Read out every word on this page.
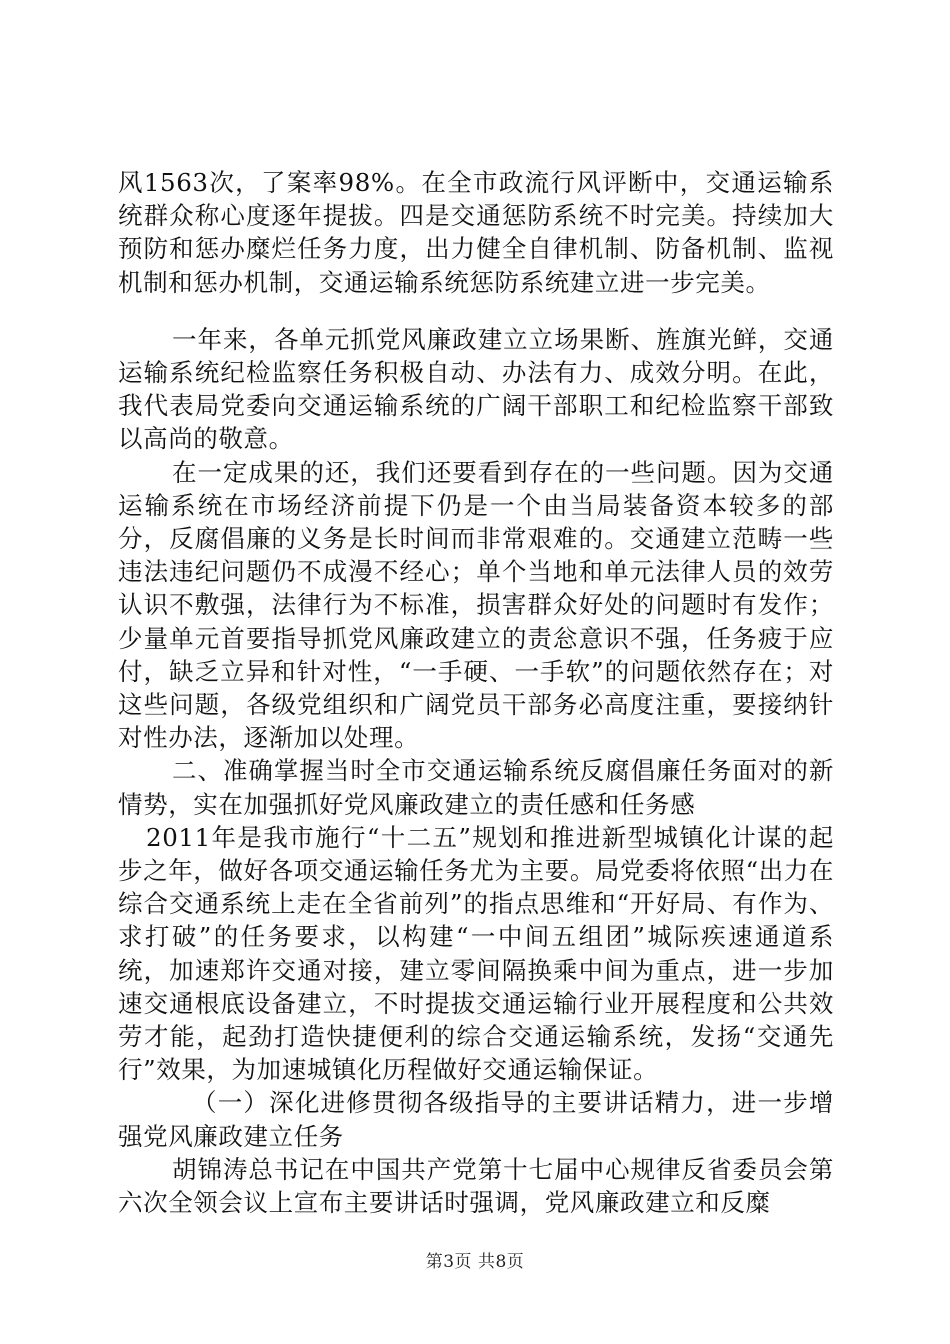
风1563次，了案率98%。在全市政流行风评断中，交通运输系统群众称心度逐年提拔。四是交通惩防系统不时完美。持续加大预防和惩办糜烂任务力度，出力健全自律机制、防备机制、监视机制和惩办机制，交通运输系统惩防系统建立进一步完美。

一年来，各单元抓党风廉政建立立场果断、旌旗光鲜，交通运输系统纪检监察任务积极自动、办法有力、成效分明。在此，我代表局党委向交通运输系统的广阔干部职工和纪检监察干部致以高尚的敬意。

在一定成果的还，我们还要看到存在的一些问题。因为交通运输系统在市场经济前提下仍是一个由当局装备资本较多的部分，反腐倡廉的义务是长时间而非常艰难的。交通建立范畴一些违法违纪问题仍不成漫不经心；单个当地和单元法律人员的效劳认识不敷强，法律行为不标准，损害群众好处的问题时有发作；少量单元首要指导抓党风廉政建立的责忩意识不强，任务疲于应付，缺乏立异和针对性，“一手硬、一手软”的问题依然存在；对这些问题，各级党组织和广阔党员干部务必高度注重，要接纳针对性办法，逐渐加以处理。

二、准确掌握当时全市交通运输系统反腐倡廉任务面对的新情势，实在加强抓好党风廉政建立的责任感和任务感

2011年是我市施行“十二五”规划和推进新型城镇化计谋的起步之年，做好各项交通运输任务尤为主要。局党委将依照“出力在综合交通系统上走在全省前列”的指点思维和“开好局、有作为、求打破”的任务要求，以构建“一中间五组团”城际疾速通道系统，加速郑许交通对接，建立零间隔换乘中间为重点，进一步加速交通根底设备建立，不时提拔交通运输行业开展程度和公共效劳才能，起劲打造快捷便利的综合交通运输系统，发扬“交通先行”效果，为加速城镇化历程做好交通运输保证。

（一）深化进修贯彻各级指导的主要讲话精力，进一步增强党风廉政建立任务

胡锦涛总书记在中国共产党第十七届中心规律反省委员会第六次全领会议上宣布主要讲话时强调，党风廉政建立和反糜

第3页 共8页
